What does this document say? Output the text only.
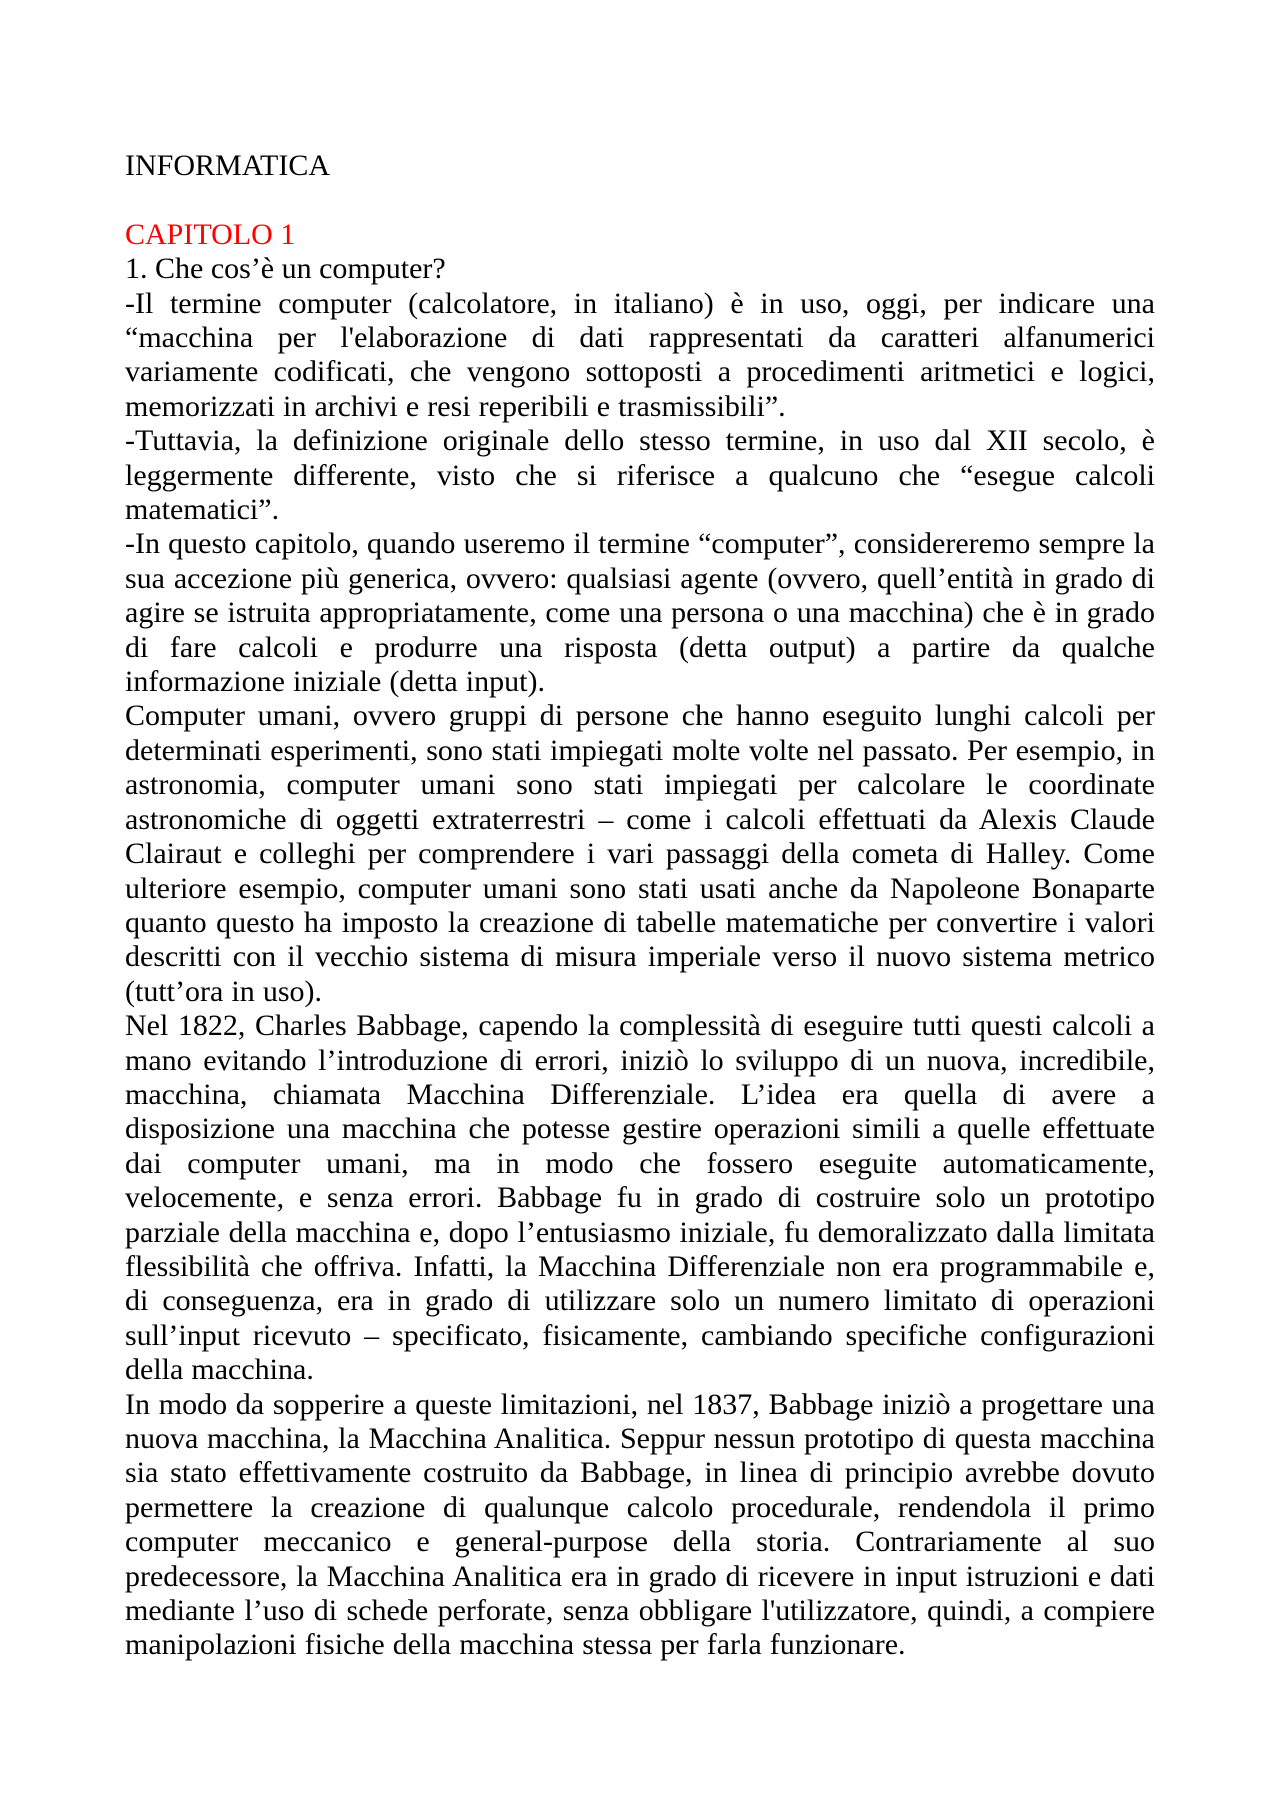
INFORMATICA
CAPITOLO 1
1. Che cos’è un computer?

-Il termine computer (calcolatore, in italiano) è in uso, oggi, per indicare una “macchina per l'elaborazione di dati rappresentati da caratteri alfanumerici variamente codificati, che vengono sottoposti a procedimenti aritmetici e logici, memorizzati in archivi e resi reperibili e trasmissibili”.

-Tuttavia, la definizione originale dello stesso termine, in uso dal XII secolo, è leggermente differente, visto che si riferisce a qualcuno che “esegue calcoli matematici”.

-In questo capitolo, quando useremo il termine “computer”, considereremo sempre la sua accezione più generica, ovvero: qualsiasi agente (ovvero, quell’entità in grado di agire se istruita appropriatamente, come una persona o una macchina) che è in grado di fare calcoli e produrre una risposta (detta output) a partire da qualche informazione iniziale (detta input).

Computer umani, ovvero gruppi di persone che hanno eseguito lunghi calcoli per determinati esperimenti, sono stati impiegati molte volte nel passato. Per esempio, in astronomia, computer umani sono stati impiegati per calcolare le coordinate astronomiche di oggetti extraterrestri – come i calcoli effettuati da Alexis Claude Clairaut e colleghi per comprendere i vari passaggi della cometa di Halley. Come ulteriore esempio, computer umani sono stati usati anche da Napoleone Bonaparte quanto questo ha imposto la creazione di tabelle matematiche per convertire i valori descritti con il vecchio sistema di misura imperiale verso il nuovo sistema metrico (tutt’ora in uso).

Nel 1822, Charles Babbage, capendo la complessità di eseguire tutti questi calcoli a mano evitando l’introduzione di errori, iniziò lo sviluppo di un nuova, incredibile, macchina, chiamata Macchina Differenziale. L’idea era quella di avere a disposizione una macchina che potesse gestire operazioni simili a quelle effettuate dai computer umani, ma in modo che fossero eseguite automaticamente, velocemente, e senza errori. Babbage fu in grado di costruire solo un prototipo parziale della macchina e, dopo l’entusiasmo iniziale, fu demoralizzato dalla limitata flessibilità che offriva. Infatti, la Macchina Differenziale non era programmabile e, di conseguenza, era in grado di utilizzare solo un numero limitato di operazioni sull’input ricevuto – specificato, fisicamente, cambiando specifiche configurazioni della macchina.

In modo da sopperire a queste limitazioni, nel 1837, Babbage iniziò a progettare una nuova macchina, la Macchina Analitica. Seppur nessun prototipo di questa macchina sia stato effettivamente costruito da Babbage, in linea di principio avrebbe dovuto permettere la creazione di qualunque calcolo procedurale, rendendola il primo computer meccanico e general-purpose della storia. Contrariamente al suo predecessore, la Macchina Analitica era in grado di ricevere in input istruzioni e dati mediante l’uso di schede perforate, senza obbligare l'utilizzatore, quindi, a compiere manipolazioni fisiche della macchina stessa per farla funzionare.
